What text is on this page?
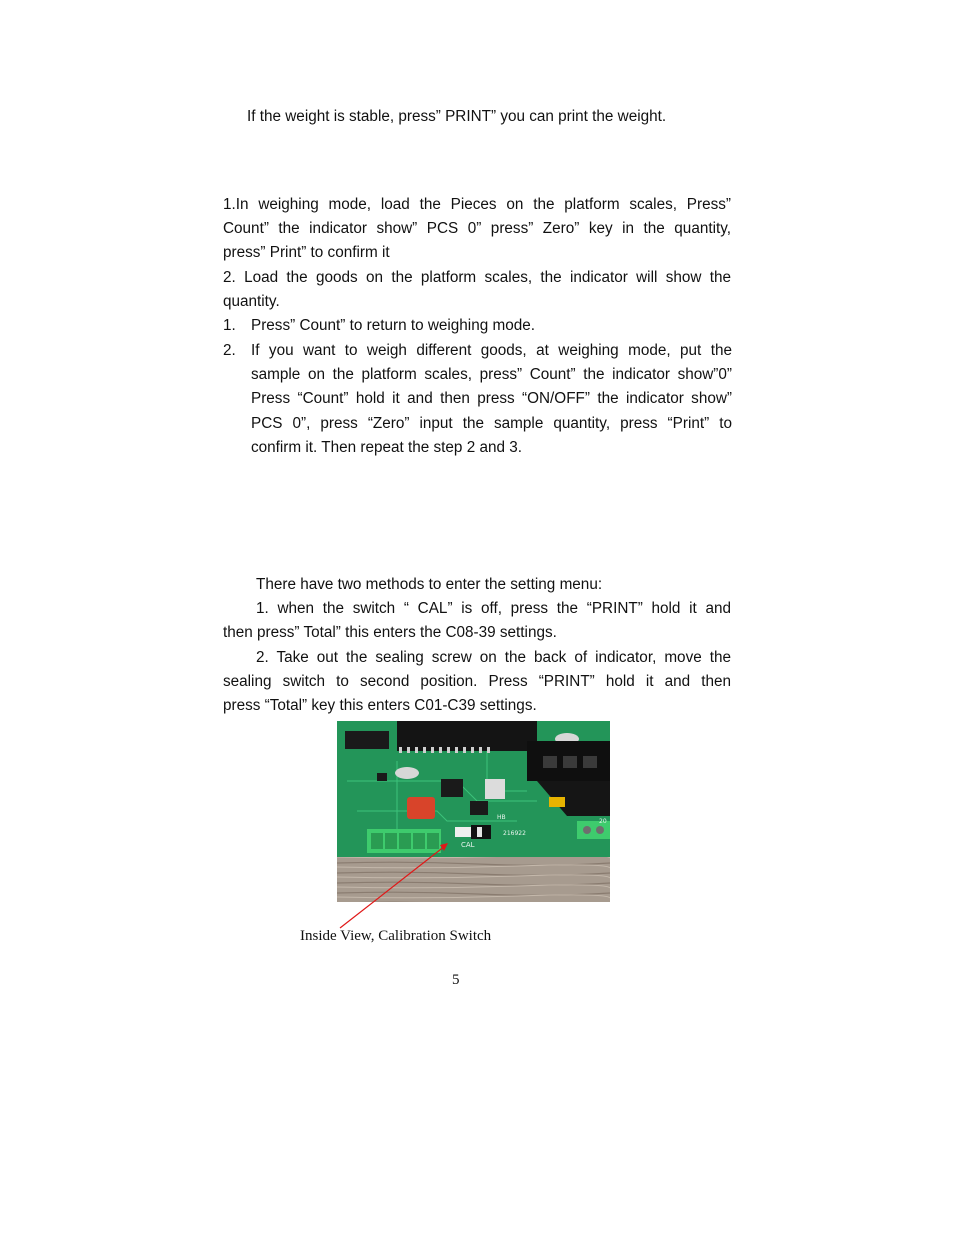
If the weight is stable, press” PRINT” you can print the weight.
1.In weighing mode, load the Pieces on the platform scales, Press”
Count” the indicator show” PCS 0” press” Zero” key in the quantity,
press” Print” to confirm it
2. Load the goods on the platform scales, the indicator will show the
quantity.
1. Press” Count” to return to weighing mode.
2. If you want to weigh different goods, at weighing mode, put the
sample on the platform scales, press” Count” the indicator show”0”
Press “Count” hold it and then press “ON/OFF” the indicator show”
PCS 0”, press “Zero” input the sample quantity, press “Print” to
confirm it. Then repeat the step 2 and 3.
There have two methods to enter the setting menu:
1. when the switch “ CAL” is off, press the “PRINT” hold it and
then press” Total” this enters the C08-39 settings.
2. Take out the sealing screw on the back of indicator, move the
sealing switch to second position. Press “PRINT” hold it and then
press “Total” key this enters C01-C39 settings.
CAL
216922
HB
20
Inside View, Calibration Switch
5
